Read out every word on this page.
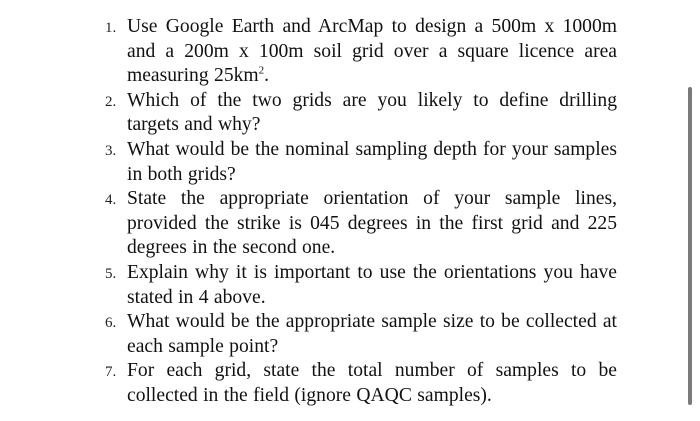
1. Use Google Earth and ArcMap to design a 500m x 1000m and a 200m x 100m soil grid over a square licence area measuring $25km^2$.
2. Which of the two grids are you likely to define drilling targets and why?
3. What would be the nominal sampling depth for your samples in both grids?
4. State the appropriate orientation of your sample lines, provided the strike is 045 degrees in the first grid and 225 degrees in the second one.
5. Explain why it is important to use the orientations you have stated in 4 above.
6. What would be the appropriate sample size to be collected at each sample point?
7. For each grid, state the total number of samples to be collected in the field (ignore QAQC samples).
